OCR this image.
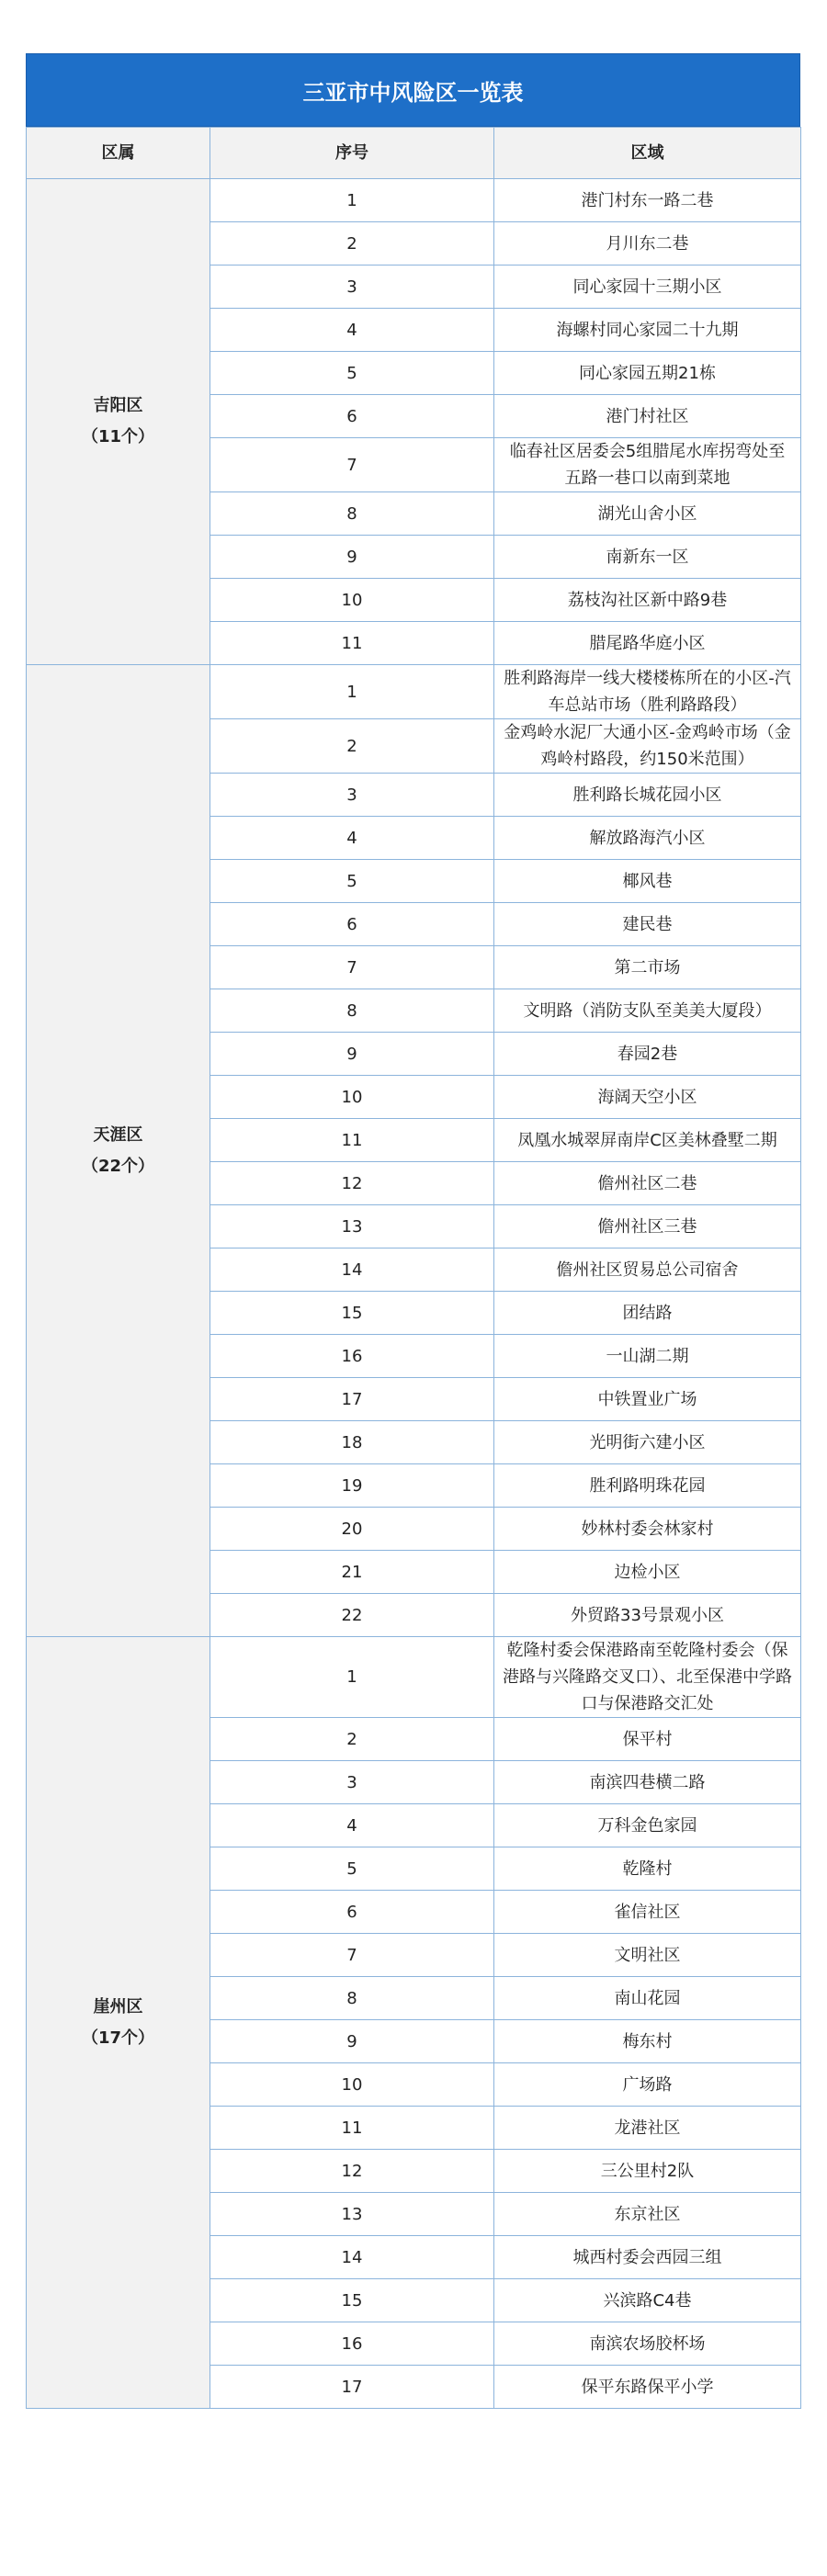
三亚市中风险区一览表
区属	序号	区域

吉阳区
（11个）	1	港门村东一路二巷
	2	月川东二巷
	3	同心家园十三期小区
	4	海螺村同心家园二十九期
	5	同心家园五期21栋
	6	港门村社区
	7	临春社区居委会5组腊尾水库拐弯处至五路一巷口以南到菜地
	8	湖光山舍小区
	9	南新东一区
	10	荔枝沟社区新中路9巷
	11	腊尾路华庭小区

天涯区
（22个）	1	胜利路海岸一线大楼楼栋所在的小区-汽车总站市场（胜利路路段）
	2	金鸡岭水泥厂大通小区-金鸡岭市场（金鸡岭村路段，约150米范围）
	3	胜利路长城花园小区
	4	解放路海汽小区
	5	椰风巷
	6	建民巷
	7	第二市场
	8	文明路（消防支队至美美大厦段）
	9	春园2巷
	10	海阔天空小区
	11	凤凰水城翠屏南岸C区美林叠墅二期
	12	儋州社区二巷
	13	儋州社区三巷
	14	儋州社区贸易总公司宿舍
	15	团结路
	16	一山湖二期
	17	中铁置业广场
	18	光明街六建小区
	19	胜利路明珠花园
	20	妙林村委会林家村
	21	边检小区
	22	外贸路33号景观小区

崖州区
（17个）	1	乾隆村委会保港路南至乾隆村委会（保港路与兴隆路交叉口）、北至保港中学路口与保港路交汇处
	2	保平村
	3	南滨四巷横二路
	4	万科金色家园
	5	乾隆村
	6	雀信社区
	7	文明社区
	8	南山花园
	9	梅东村
	10	广场路
	11	龙港社区
	12	三公里村2队
	13	东京社区
	14	城西村委会西园三组
	15	兴滨路C4巷
	16	南滨农场胶杯场
	17	保平东路保平小学
